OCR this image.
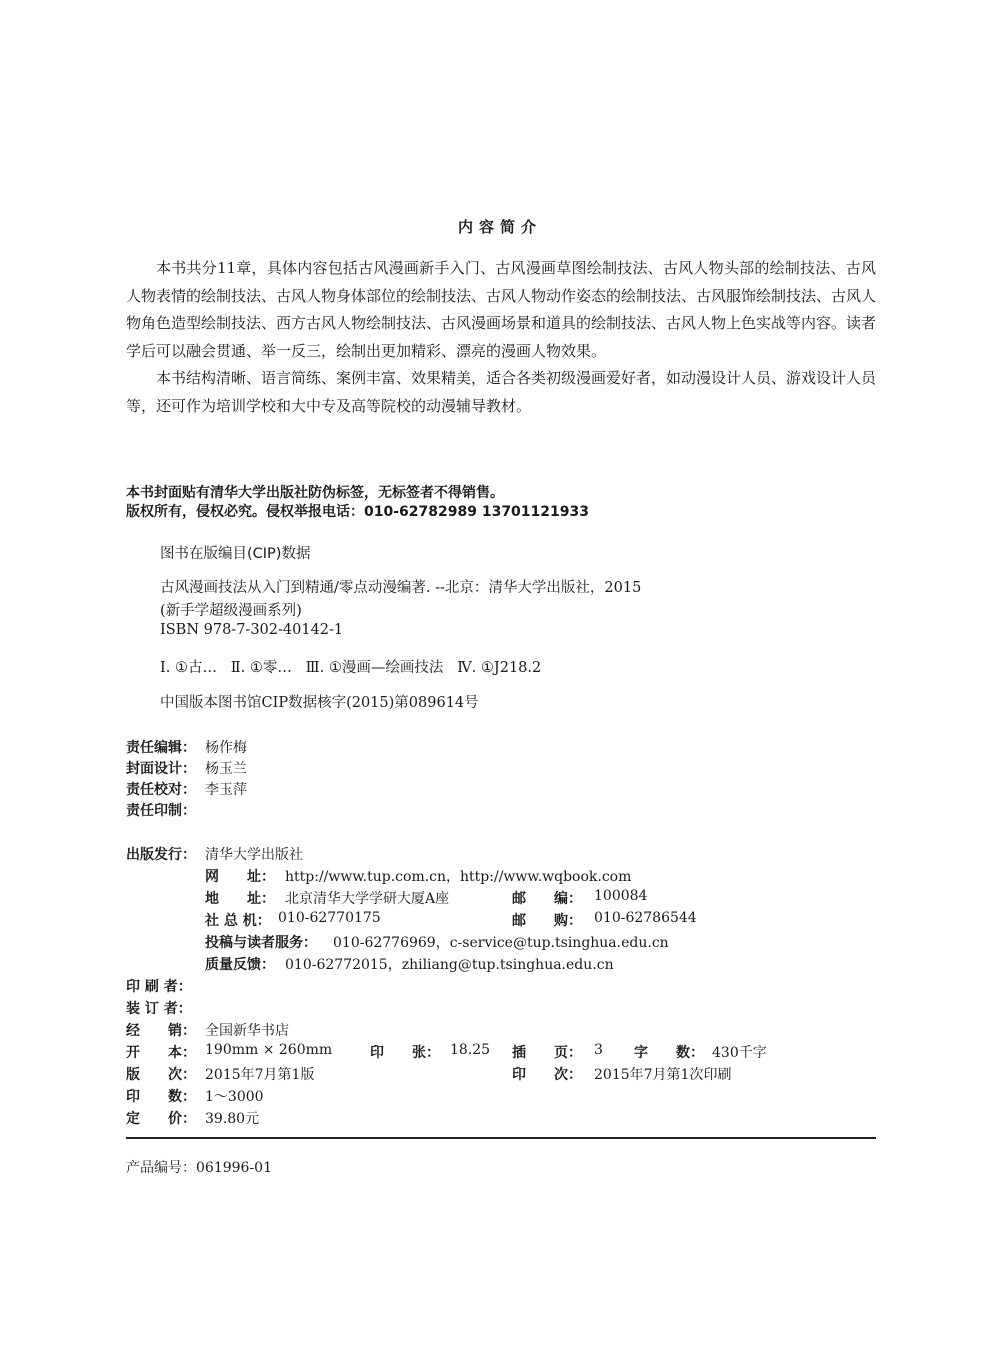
内容简介
本书共分11章，具体内容包括古风漫画新手入门、古风漫画草图绘制技法、古风人物头部的绘制技法、古风人物表情的绘制技法、古风人物身体部位的绘制技法、古风人物动作姿态的绘制技法、古风服饰绘制技法、古风人物角色造型绘制技法、西方古风人物绘制技法、古风漫画场景和道具的绘制技法、古风人物上色实战等内容。读者学后可以融会贯通、举一反三，绘制出更加精彩、漂亮的漫画人物效果。
本书结构清晰、语言简练、案例丰富、效果精美，适合各类初级漫画爱好者，如动漫设计人员、游戏设计人员等，还可作为培训学校和大中专及高等院校的动漫辅导教材。
本书封面贴有清华大学出版社防伪标签，无标签者不得销售。
版权所有，侵权必究。侵权举报电话：010-62782989 13701121933
图书在版编目(CIP)数据
古风漫画技法从入门到精通/零点动漫编著. --北京：清华大学出版社，2015
(新手学超级漫画系列)
ISBN 978-7-302-40142-1
Ⅰ. ①古…   Ⅱ. ①零…   Ⅲ. ①漫画—绘画技法   Ⅳ. ①J218.2
中国版本图书馆CIP数据核字(2015)第089614号
责任编辑： 杨作梅
封面设计： 杨玉兰
责任校对： 李玉萍
责任印制：
出版发行： 清华大学出版社
网　　址： http://www.tup.com.cn，http://www.wqbook.com
地　　址： 北京清华大学学研大厦A座	邮　　编： 100084
社 总 机： 010-62770175	邮　　购： 010-62786544
投稿与读者服务： 010-62776969，c-service@tup.tsinghua.edu.cn
质量反馈： 010-62772015，zhiliang@tup.tsinghua.edu.cn
印 刷 者：
装 订 者：
经　　销： 全国新华书店
开　　本： 190mm × 260mm	印　　张： 18.25 插　　页： 3 字　　数： 430千字
版　　次： 2015年7月第1版	印　　次： 2015年7月第1次印刷
印　　数： 1～3000
定　　价： 39.80元
产品编号：061996-01
